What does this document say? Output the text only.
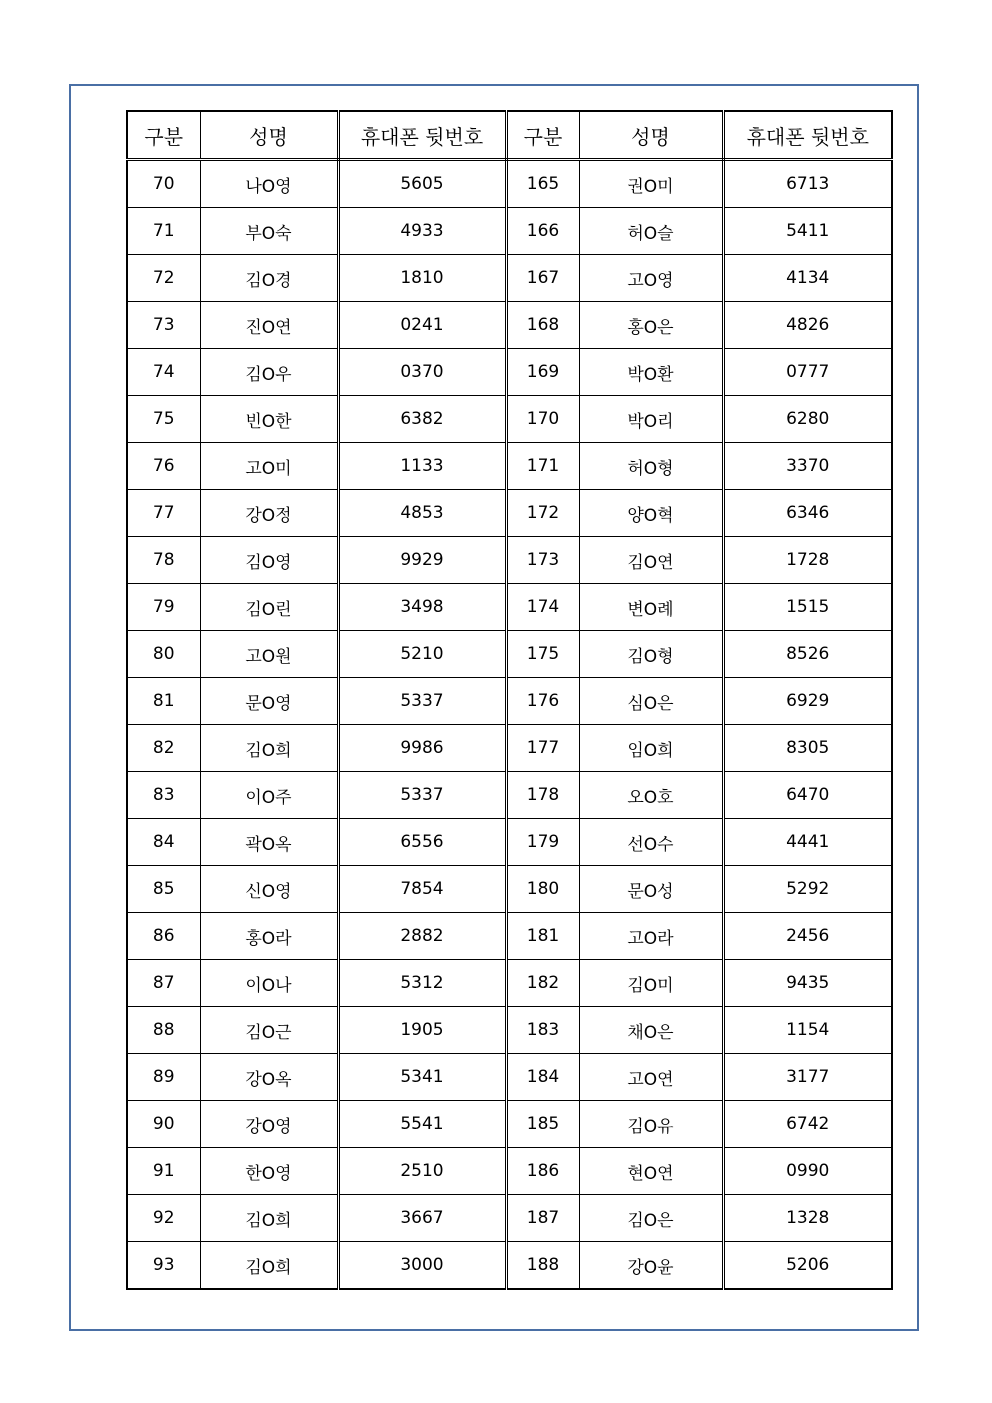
구분	성명	휴대폰 뒷번호	구분	성명	휴대폰 뒷번호
70	나O영	5605	165	권O미	6713
71	부O숙	4933	166	허O슬	5411
72	김O경	1810	167	고O영	4134
73	진O연	0241	168	홍O은	4826
74	김O우	0370	169	박O환	0777
75	빈O한	6382	170	박O리	6280
76	고O미	1133	171	허O형	3370
77	강O정	4853	172	양O혁	6346
78	김O영	9929	173	김O연	1728
79	김O린	3498	174	변O례	1515
80	고O원	5210	175	김O형	8526
81	문O영	5337	176	심O은	6929
82	김O희	9986	177	임O희	8305
83	이O주	5337	178	오O호	6470
84	곽O옥	6556	179	선O수	4441
85	신O영	7854	180	문O성	5292
86	홍O라	2882	181	고O라	2456
87	이O나	5312	182	김O미	9435
88	김O근	1905	183	채O은	1154
89	강O옥	5341	184	고O연	3177
90	강O영	5541	185	김O유	6742
91	한O영	2510	186	현O연	0990
92	김O희	3667	187	김O은	1328
93	김O희	3000	188	강O윤	5206
